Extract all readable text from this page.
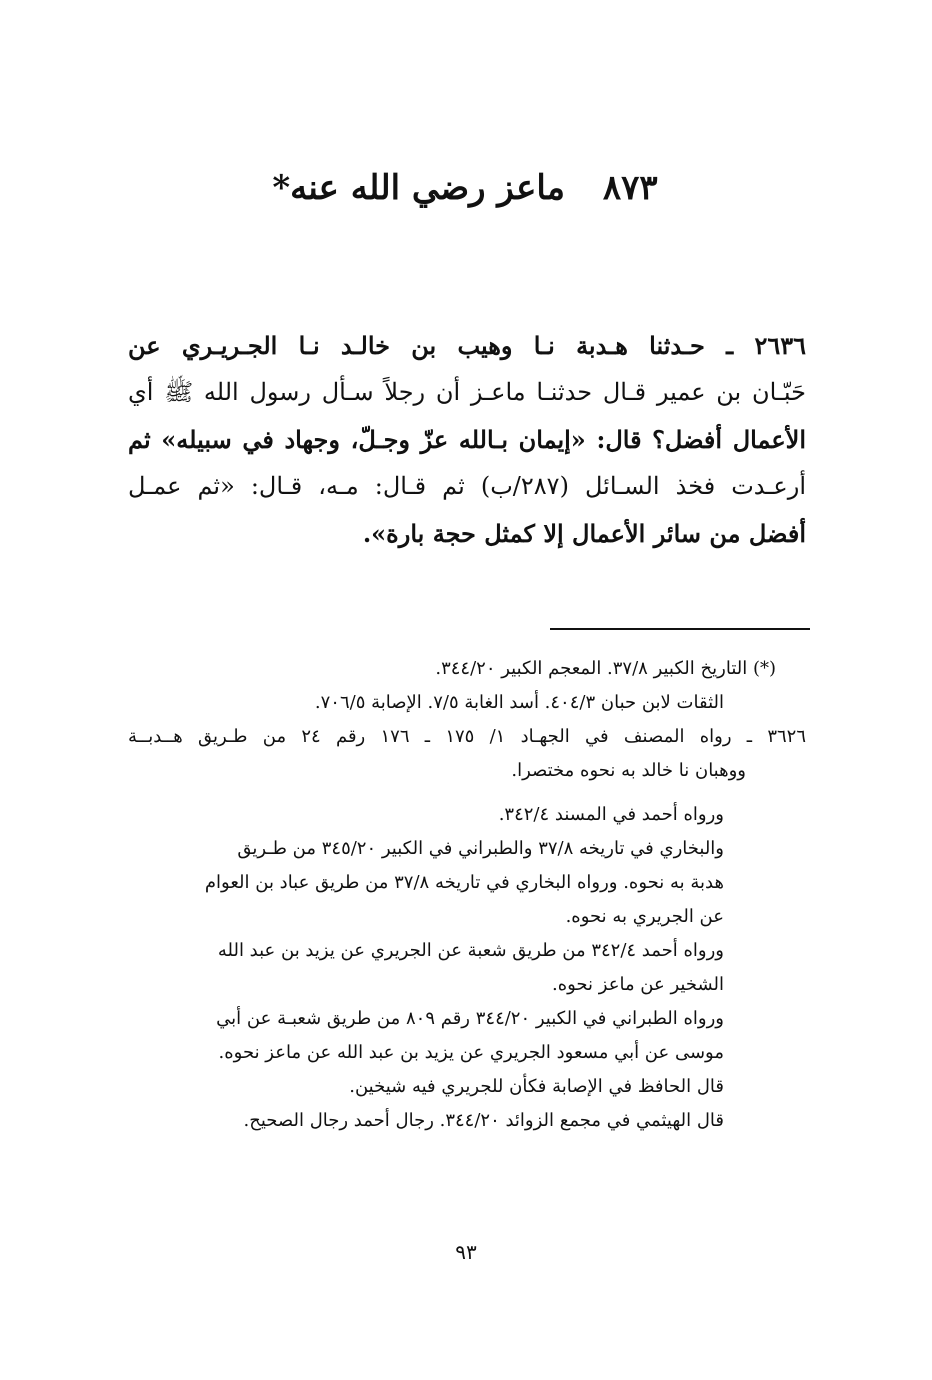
٨٧٣ ماعز رضي الله عنه*
٢٦٣٦ ـ حـدثنا هـدبة نـا وهيب بن خالـد نـا الجـريـري عن
حَبّـان بن عمير قـال حدثنـا ماعـز أن رجلاً سـأل رسول الله ﷺ أي
الأعمال أفضل؟ قال: «إيمان بـالله عزّ وجـلّ، وجهاد في سبيله» ثم
أرعـدت فخذ السـائل (٢٨٧/ب) ثم قـال: مـه، قـال: «ثم عمـل
أفضل من سائر الأعمال إلا كمثل حجة بارة».
(*) التاريخ الكبير ٣٧/٨. المعجم الكبير ٣٤٤/٢٠.
الثقات لابن حبان ٤٠٤/٣. أسد الغابة ٧/٥. الإصابة ٧٠٦/٥.
٣٦٢٦ ـ رواه المصنف في الجهـاد ١/ ١٧٥ ـ ١٧٦ رقم ٢٤ من طـريق هــدبــة
ووهبان نا خالد به نحوه مختصرا.
ورواه أحمد في المسند ٣٤٢/٤.
والبخاري في تاريخه ٣٧/٨ والطبراني في الكبير ٣٤٥/٢٠ من طـريق
هدبة به نحوه. ورواه البخاري في تاريخه ٣٧/٨ من طريق عباد بن العوام
عن الجريري به نحوه.
ورواه أحمد ٣٤٢/٤ من طريق شعبة عن الجريري عن يزيد بن عبد الله
الشخير عن ماعز نحوه.
ورواه الطبراني في الكبير ٣٤٤/٢٠ رقم ٨٠٩ من طريق شعبـة عن أبي
موسى عن أبي مسعود الجريري عن يزيد بن عبد الله عن ماعز نحوه.
قال الحافظ في الإصابة فكأن للجريري فيه شيخين.
قال الهيثمي في مجمع الزوائد ٣٤٤/٢٠. رجال أحمد رجال الصحيح.
٩٣
